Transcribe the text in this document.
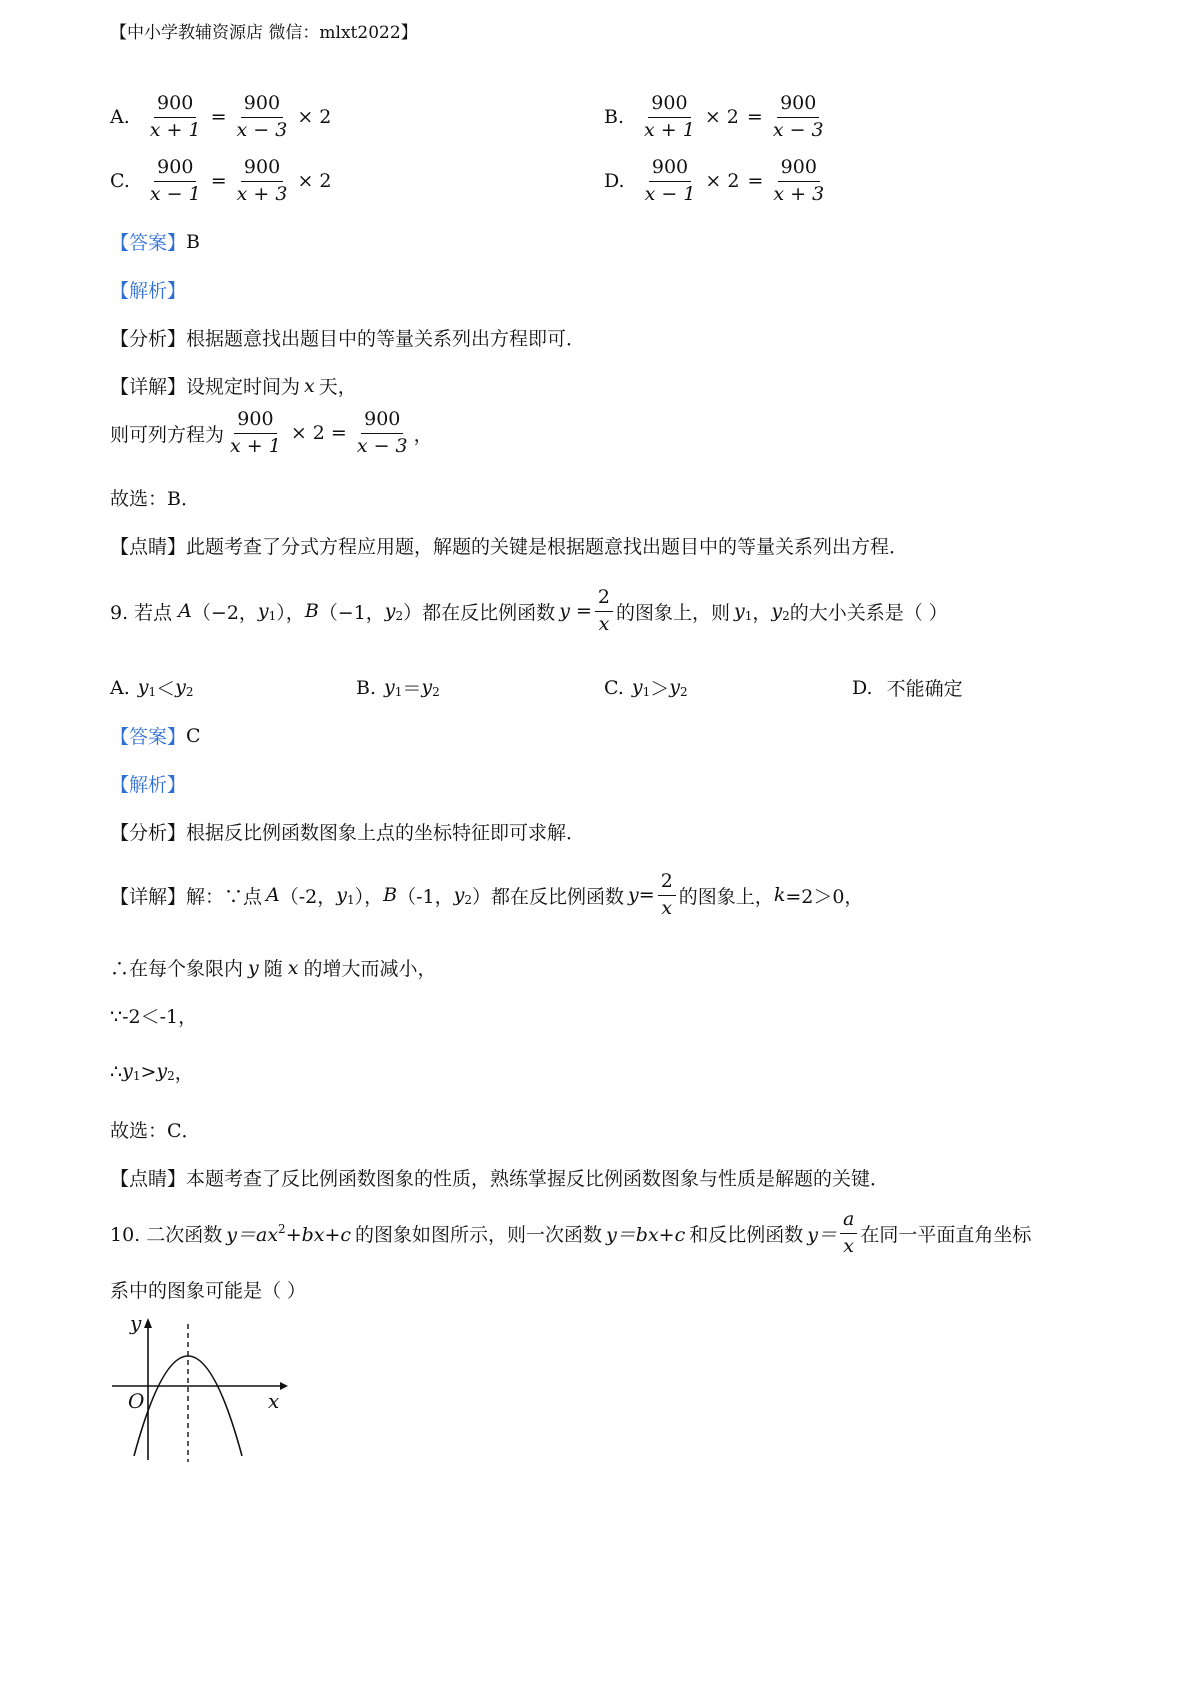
【中小学教辅资源店 微信：mlxt2022】
A. $\frac{900}{x + 1} = \frac{900}{x - 3} \times 2$	B. $\frac{900}{x + 1} \times 2 = \frac{900}{x - 3}$
C. $\frac{900}{x - 1} = \frac{900}{x + 3} \times 2$	D. $\frac{900}{x - 1} \times 2 = \frac{900}{x + 3}$
【答案】 B
【解析】
【分析】 根据题意找出题目中的等量关系列出方程即可．
【详解】 设规定时间为 x 天，
则可列方程为 $\frac{900}{x + 1} \times 2 = \frac{900}{x - 3}$ ，
故选：B．
【点睛】 此题考查了分式方程应用题，解题的关键是根据题意找出题目中的等量关系列出方程．
9. 若点 A （−2， $y_1$ ）， B （−1， $y_2$ ）都在反比例函数 $y = \frac{2}{x}$ 的图象上，则 $y_1$ ， $y_2$ 的大小关系是（ ）
A. $y_1 < y_2$	B. $y_1 = y_2$	C. $y_1 > y_2$	D. 不能确定
【答案】 C
【解析】
【分析】 根据反比例函数图象上点的坐标特征即可求解．
【详解】 解：∵点 A （-2， $y_1$ ）， B （-1， $y_2$ ）都在反比例函数 $y= \frac{2}{x}$ 的图象上， k =2＞0，
∴在每个象限内 y 随 x 的增大而减小，
∵-2＜-1，
∴ $y_1 > y_2$ ，
故选：C．
【点睛】 本题考查了反比例函数图象的性质，熟练掌握反比例函数图象与性质是解题的关键．
10. 二次函数 $y=ax^2+bx+c$ 的图象如图所示，则一次函数 y＝bx+c 和反比例函数 $y= \frac{a}{x}$ 在同一平面直角坐标
系中的图象可能是（ ）
y
x
O
